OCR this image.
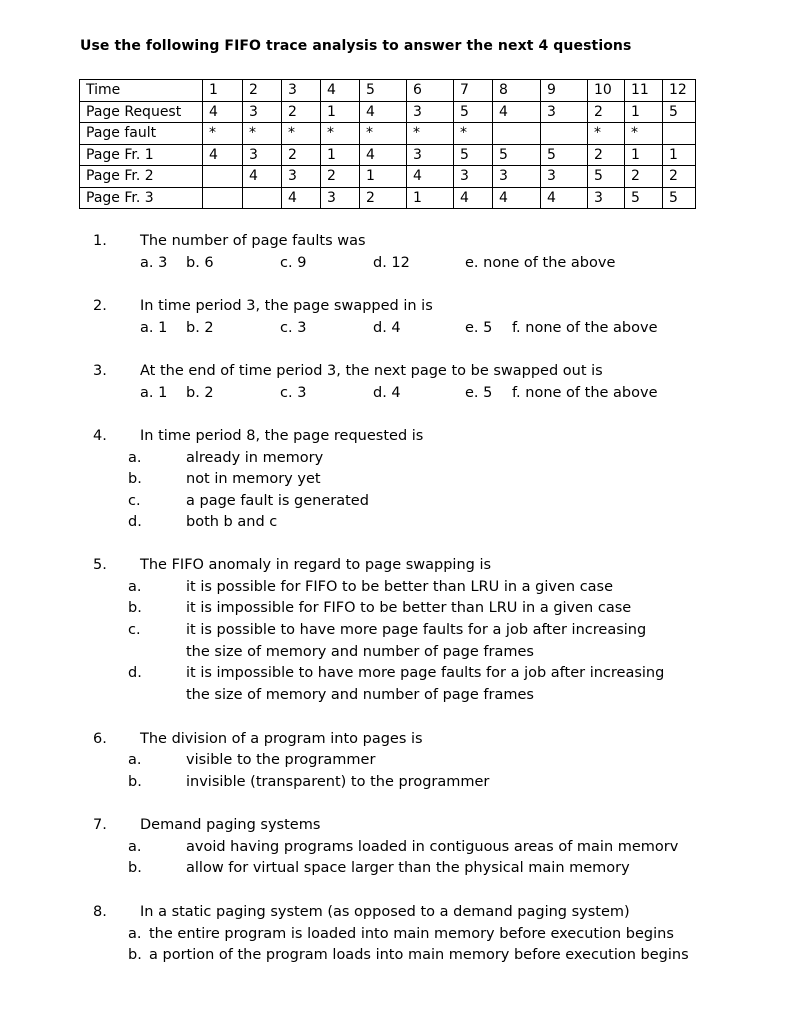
Use the following FIFO trace analysis to answer the next 4 questions
Time	1	2	3	4	5	6	7	8	9	10	11	12
Page Request	4	3	2	1	4	3	5	4	3	2	1	5
Page fault	*	*	*	*	*	*	*			*	*	
Page Fr. 1	4	3	2	1	4	3	5	5	5	2	1	1
Page Fr. 2		4	3	2	1	4	3	3	3	5	2	2
Page Fr. 3			4	3	2	1	4	4	4	3	5	5
1. The number of page faults was
a. 3 b. 6	c. 9	d. 12	e. none of the above
2. In time period 3, the page swapped in is
a. 1 b. 2	c. 3	d. 4	e. 5 f. none of the above
3. At the end of time period 3, the next page to be swapped out is
a. 1 b. 2	c. 3	d. 4	e. 5 f. none of the above
4. In time period 8, the page requested is
a.	already in memory
b.	not in memory yet
c.	a page fault is generated
d.	both b and c
5. The FIFO anomaly in regard to page swapping is
a.	it is possible for FIFO to be better than LRU in a given case
b.	it is impossible for FIFO to be better than LRU in a given case
c.	it is possible to have more page faults for a job after increasing
the size of memory and number of page frames
d.	it is impossible to have more page faults for a job after increasing
the size of memory and number of page frames
6. The division of a program into pages is
a.	visible to the programmer
b.	invisible (transparent) to the programmer
7. Demand paging systems
a.	avoid having programs loaded in contiguous areas of main memorv
b.	allow for virtual space larger than the physical main memory
8. In a static paging system (as opposed to a demand paging system)
a. the entire program is loaded into main memory before execution begins
b. a portion of the program loads into main memory before execution begins
